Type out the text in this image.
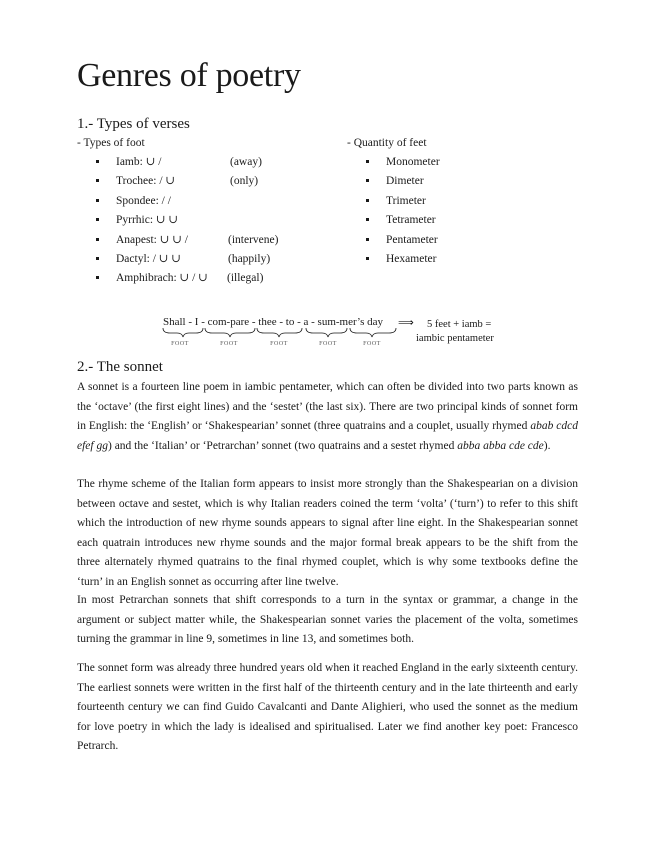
Genres of poetry
1.- Types of verses
- Types of foot
Iamb: ∪ /	(away)
Trochee: / ∪	(only)
Spondee: / /
Pyrrhic: ∪ ∪
Anapest: ∪ ∪ /	(intervene)
Dactyl: / ∪ ∪	(happily)
Amphibrach: ∪ / ∪ (illegal)
- Quantity of feet
Monometer
Dimeter
Trimeter
Tetrameter
Pentameter
Hexameter
Shall - I - com-pare - thee - to - a - sum-mer’s day ⟹ 5 feet + iamb =
iambic pentameter
FOOT	FOOT	FOOT	FOOT	FOOT
2.- The sonnet

A sonnet is a fourteen line poem in iambic pentameter, which can often be divided into two parts known as the ‘octave’ (the first eight lines) and the ‘sestet’ (the last six). There are two principal kinds of sonnet form in English: the ‘English’ or ‘Shakespearian’ sonnet (three quatrains and a couplet, usually rhymed abab cdcd efef gg) and the ‘Italian’ or ‘Petrarchan’ sonnet (two quatrains and a sestet rhymed abba abba cde cde).

The rhyme scheme of the Italian form appears to insist more strongly than the Shakespearian on a division between octave and sestet, which is why Italian readers coined the term ‘volta’ (‘turn’) to refer to this shift which the introduction of new rhyme sounds appears to signal after line eight. In the Shakespearian sonnet each quatrain introduces new rhyme sounds and the major formal break appears to be the shift from the three alternately rhymed quatrains to the final rhymed couplet, which is why some textbooks define the ‘turn’ in an English sonnet as occurring after line twelve.

In most Petrarchan sonnets that shift corresponds to a turn in the syntax or grammar, a change in the argument or subject matter while, the Shakespearian sonnet varies the placement of the volta, sometimes turning the grammar in line 9, sometimes in line 13, and sometimes both.

The sonnet form was already three hundred years old when it reached England in the early sixteenth century. The earliest sonnets were written in the first half of the thirteenth century and in the late thirteenth and early fourteenth century we can find Guido Cavalcanti and Dante Alighieri, who used the sonnet as the medium for love poetry in which the lady is idealised and spiritualised. Later we find another key poet: Francesco Petrarch.
